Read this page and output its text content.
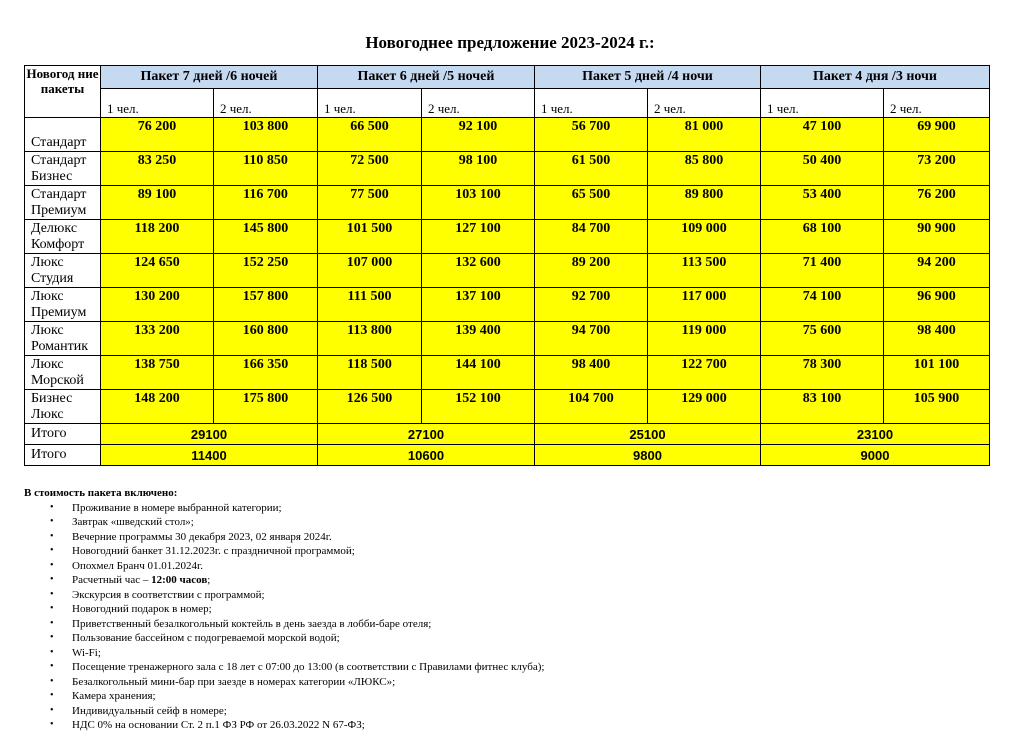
Новогоднее предложение 2023-2024 г.:
Новогод ние пакеты	Пакет 7 дней /6 ночей		Пакет 6 дней /5 ночей		Пакет 5 дней /4 ночи		Пакет 4 дня /3 ночи	
	1 чел.	2 чел.	1 чел.	2 чел.	1 чел.	2 чел.	1 чел.	2 чел.
Стандарт	76 200	103 800	66 500	92 100	56 700	81 000	47 100	69 900
Стандарт Бизнес	83 250	110 850	72 500	98 100	61 500	85 800	50 400	73 200
Стандарт Премиум	89 100	116 700	77 500	103 100	65 500	89 800	53 400	76 200
Делюкс Комфорт	118 200	145 800	101 500	127 100	84 700	109 000	68 100	90 900
Люкс Студия	124 650	152 250	107 000	132 600	89 200	113 500	71 400	94 200
Люкс Премиум	130 200	157 800	111 500	137 100	92 700	117 000	74 100	96 900
Люкс Романтик	133 200	160 800	113 800	139 400	94 700	119 000	75 600	98 400
Люкс Морской	138 750	166 350	118 500	144 100	98 400	122 700	78 300	101 100
Бизнес Люкс	148 200	175 800	126 500	152 100	104 700	129 000	83 100	105 900
Итого	29100		27100		25100		23100	
Итого	11400		10600		9800		9000	
В стоимость пакета включено:
• Проживание в номере выбранной категории;
• Завтрак «шведский стол»;
• Вечерние программы 30 декабря 2023, 02 января 2024г.
• Новогодний банкет 31.12.2023г. с праздничной программой;
• Опохмел Бранч 01.01.2024г.
• Расчетный час – 12:00 часов;
• Экскурсия в соответствии с программой;
• Новогодний подарок в номер;
• Приветственный безалкогольный коктейль в день заезда в лобби-баре отеля;
• Пользование бассейном с подогреваемой морской водой;
• Wi-Fi;
• Посещение тренажерного зала с 18 лет с 07:00 до 13:00 (в соответствии с Правилами фитнес клуба);
• Безалкогольный мини-бар при заезде в номерах категории «ЛЮКС»;
• Камера хранения;
• Индивидуальный сейф в номере;
• НДС 0% на основании Ст. 2 п.1 ФЗ РФ от 26.03.2022 N 67-ФЗ;
